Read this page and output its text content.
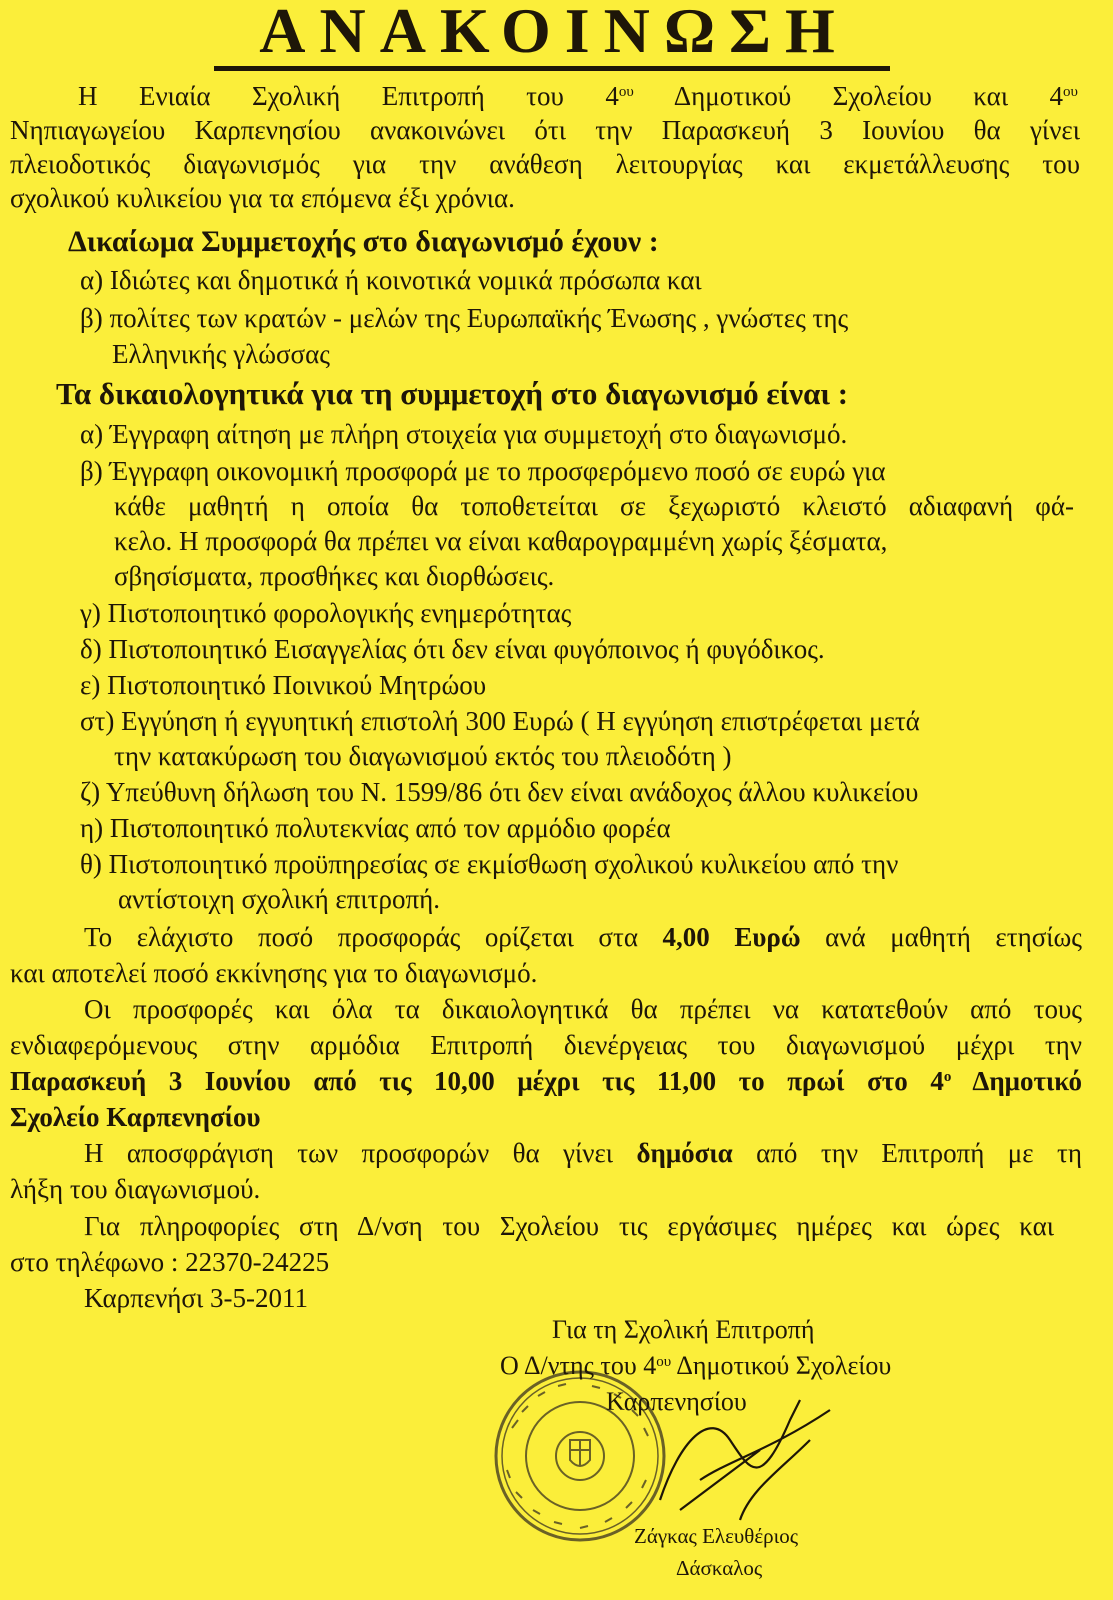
ΑΝΑΚΟΙΝΩΣΗ
Η Ενιαία Σχολική Επιτροπή του $4^{o\upsilon}$ Δημοτικού Σχολείου και $4^{o\upsilon}$
Νηπιαγωγείου Καρπενησίου ανακοινώνει ότι την Παρασκευή 3 Ιουνίου θα γίνει
πλειοδοτικός διαγωνισμός για την ανάθεση λειτουργίας και εκμετάλλευσης του
σχολικού κυλικείου για τα επόμενα έξι χρόνια.
Δικαίωμα Συμμετοχής στο διαγωνισμό έχουν :
α) Ιδιώτες και δημοτικά ή κοινοτικά νομικά πρόσωπα και
β) πολίτες των κρατών - μελών της Ευρωπαϊκής Ένωσης , γνώστες της
Ελληνικής γλώσσας
Τα δικαιολογητικά για τη συμμετοχή στο διαγωνισμό είναι :
α) Έγγραφη αίτηση με πλήρη στοιχεία για συμμετοχή στο διαγωνισμό.
β) Έγγραφη οικονομική προσφορά με το προσφερόμενο ποσό σε ευρώ για
κάθε μαθητή η οποία θα τοποθετείται σε ξεχωριστό κλειστό αδιαφανή φά-
κελο. Η προσφορά θα πρέπει να είναι καθαρογραμμένη χωρίς ξέσματα,
σβησίσματα, προσθήκες και διορθώσεις.
γ) Πιστοποιητικό φορολογικής ενημερότητας
δ) Πιστοποιητικό Εισαγγελίας ότι δεν είναι φυγόποινος ή φυγόδικος.
ε) Πιστοποιητικό Ποινικού Μητρώου
στ) Εγγύηση ή εγγυητική επιστολή 300 Ευρώ ( Η εγγύηση επιστρέφεται μετά
την κατακύρωση του διαγωνισμού εκτός του πλειοδότη )
ζ) Υπεύθυνη δήλωση του Ν. 1599/86 ότι δεν είναι ανάδοχος άλλου κυλικείου
η) Πιστοποιητικό πολυτεκνίας από τον αρμόδιο φορέα
θ) Πιστοποιητικό προϋπηρεσίας σε εκμίσθωση σχολικού κυλικείου από την
αντίστοιχη σχολική επιτροπή.
Το ελάχιστο ποσό προσφοράς ορίζεται στα 4,00 Ευρώ ανά μαθητή ετησίως
και αποτελεί ποσό εκκίνησης για το διαγωνισμό.
Οι προσφορές και όλα τα δικαιολογητικά θα πρέπει να κατατεθούν από τους
ενδιαφερόμενους στην αρμόδια Επιτροπή διενέργειας του διαγωνισμού μέχρι την
Παρασκευή 3 Ιουνίου από τις 10,00 μέχρι τις 11,00 το πρωί στο $4^o$ Δημοτικό
Σχολείο Καρπενησίου
Η αποσφράγιση των προσφορών θα γίνει δημόσια από την Επιτροπή με τη
λήξη του διαγωνισμού.
Για πληροφορίες στη Δ/νση του Σχολείου τις εργάσιμες ημέρες και ώρες και
στο τηλέφωνο : 22370-24225
Καρπενήσι 3-5-2011
Για τη Σχολική Επιτροπή
Ο Δ/ντης του $4^{o\upsilon}$ Δημοτικού Σχολείου
Καρπενησίου
Ζάγκας Ελευθέριος
Δάσκαλος
